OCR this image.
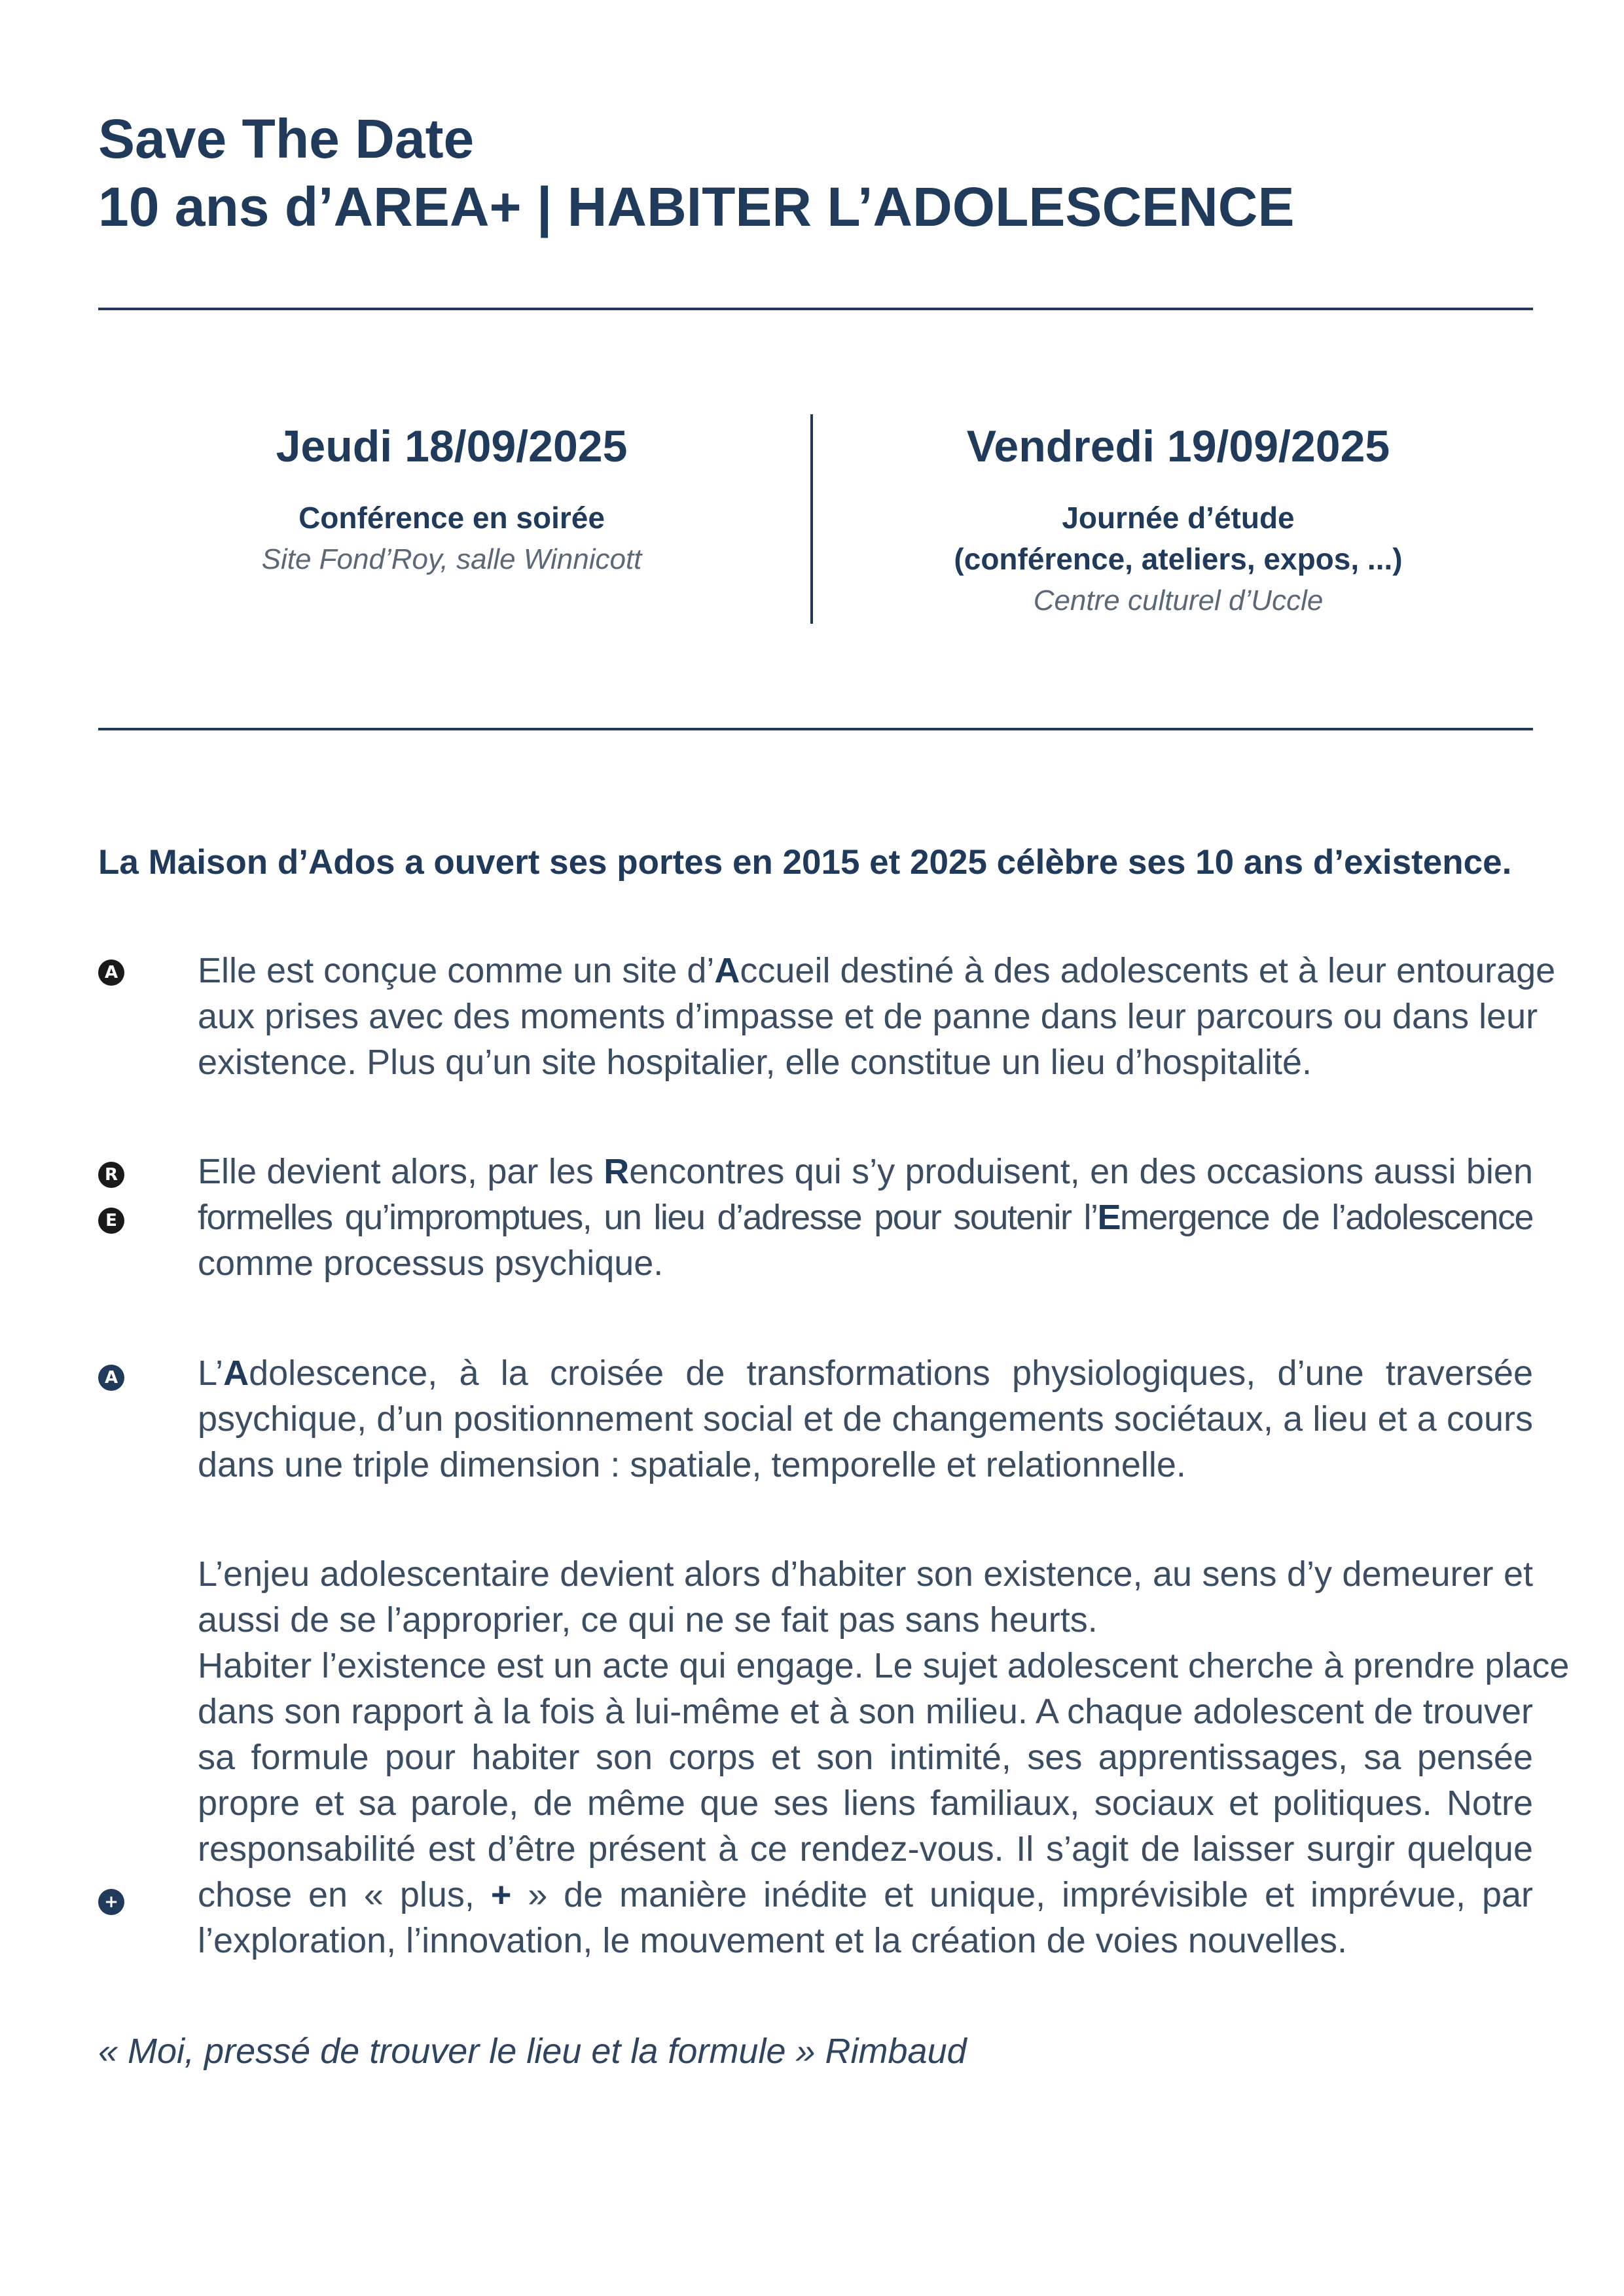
Save The Date
10 ans d’AREA+ | HABITER L’ADOLESCENCE
Jeudi 18/09/2025
Conférence en soirée
Site Fond’Roy, salle Winnicott
Vendredi 19/09/2025
Journée d’étude
(conférence, ateliers, expos, ...)
Centre culturel d’Uccle
La Maison d’Ados a ouvert ses portes en 2015 et 2025 célèbre ses 10 ans d’existence.
A Elle est conçue comme un site d’Accueil destiné à des adolescents et à leur entourage
aux prises avec des moments d’impasse et de panne dans leur parcours ou dans leur
existence. Plus qu’un site hospitalier, elle constitue un lieu d’hospitalité.
R
E
Elle devient alors, par les Rencontres qui s’y produisent, en des occasions aussi bien
formelles qu’impromptues, un lieu d’adresse pour soutenir l’Emergence de l’adolescence
comme processus psychique.
A L’Adolescence, à la croisée de transformations physiologiques, d’une traversée
psychique, d’un positionnement social et de changements sociétaux, a lieu et a cours
dans une triple dimension : spatiale, temporelle et relationnelle.
+
L’enjeu adolescentaire devient alors d’habiter son existence, au sens d’y demeurer et
aussi de se l’approprier, ce qui ne se fait pas sans heurts.
Habiter l’existence est un acte qui engage. Le sujet adolescent cherche à prendre place
dans son rapport à la fois à lui-même et à son milieu. A chaque adolescent de trouver
sa formule pour habiter son corps et son intimité, ses apprentissages, sa pensée
propre et sa parole, de même que ses liens familiaux, sociaux et politiques. Notre
responsabilité est d’être présent à ce rendez-vous. Il s’agit de laisser surgir quelque
chose en « plus, + » de manière inédite et unique, imprévisible et imprévue, par
l’exploration, l’innovation, le mouvement et la création de voies nouvelles.
« Moi, pressé de trouver le lieu et la formule » Rimbaud
